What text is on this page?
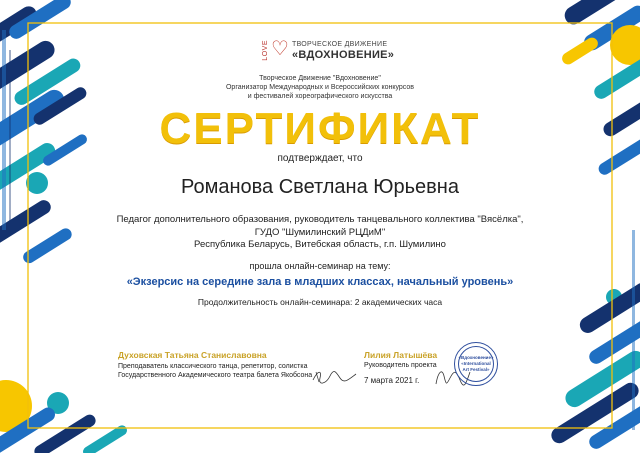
LOVE ♡ ТВОРЧЕСКОЕ ДВИЖЕНИЕ
«ВДОХНОВЕНИЕ»
Творческое Движение "Вдохновение"
Организатор Международных и Всероссийских конкурсов
и фестивалей хореографического искусства
СЕРТИФИКАТ
подтверждает, что
Романова Светлана Юрьевна
Педагог дополнительного образования, руководитель танцевального коллектива "Вясёлка",
ГУДО "Шумилинский РЦДиМ"
Республика Беларусь, Витебская область, г.п. Шумилино
прошла онлайн-семинар на тему:
«Экзерсис на середине зала в младших классах, начальный уровень»
Продолжительность онлайн-семинара: 2 академических часа
Духовская Татьяна Станиславовна
Преподаватель классического танца, репетитор, солистка
Государственного Академического театра балета Якобсона
Лилия Латышёва
Руководитель проекта
7 марта 2021 г.
«Вдохновение»
«International
Art Festival»
